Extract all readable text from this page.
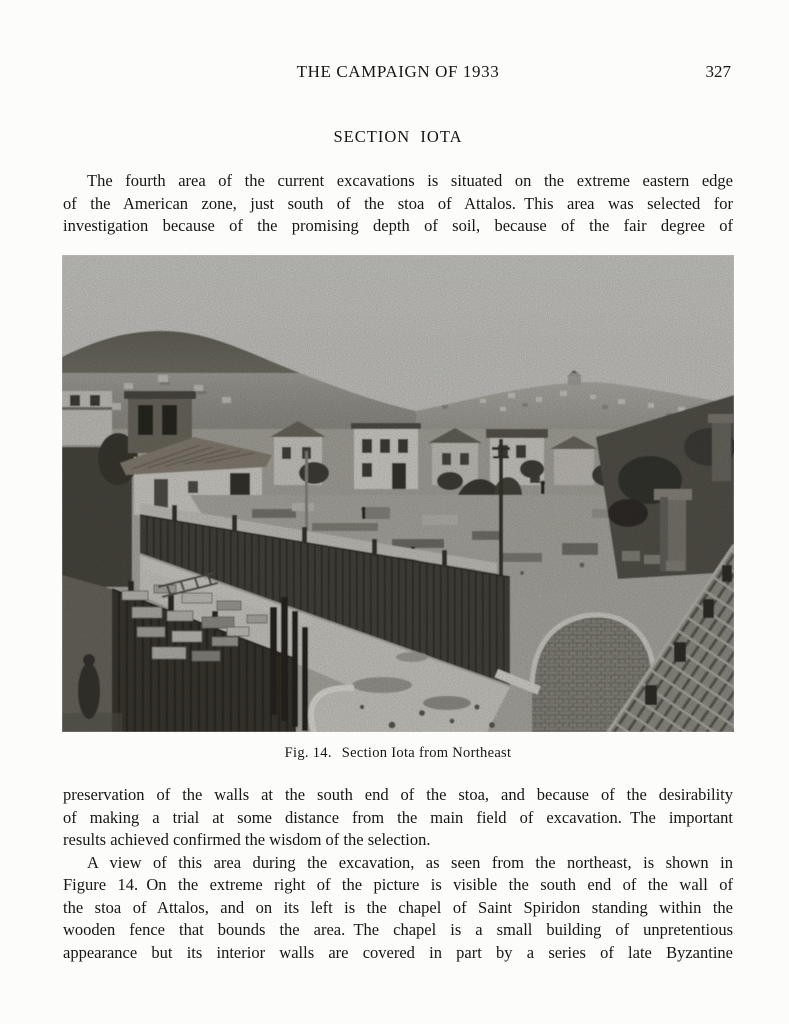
THE CAMPAIGN OF 1933	327
SECTION  IOTA
The fourth area of the current excavations is situated on the extreme eastern edge
of the American zone, just south of the stoa of Attalos. This area was selected for
investigation because of the promising depth of soil, because of the fair degree of
Fig. 14. Section Iota from Northeast
preservation of the walls at the south end of the stoa, and because of the desirability
of making a trial at some distance from the main field of excavation. The important
results achieved confirmed the wisdom of the selection.
A view of this area during the excavation, as seen from the northeast, is shown in
Figure 14. On the extreme right of the picture is visible the south end of the wall of
the stoa of Attalos, and on its left is the chapel of Saint Spiridon standing within the
wooden fence that bounds the area. The chapel is a small building of unpretentious
appearance but its interior walls are covered in part by a series of late Byzantine
